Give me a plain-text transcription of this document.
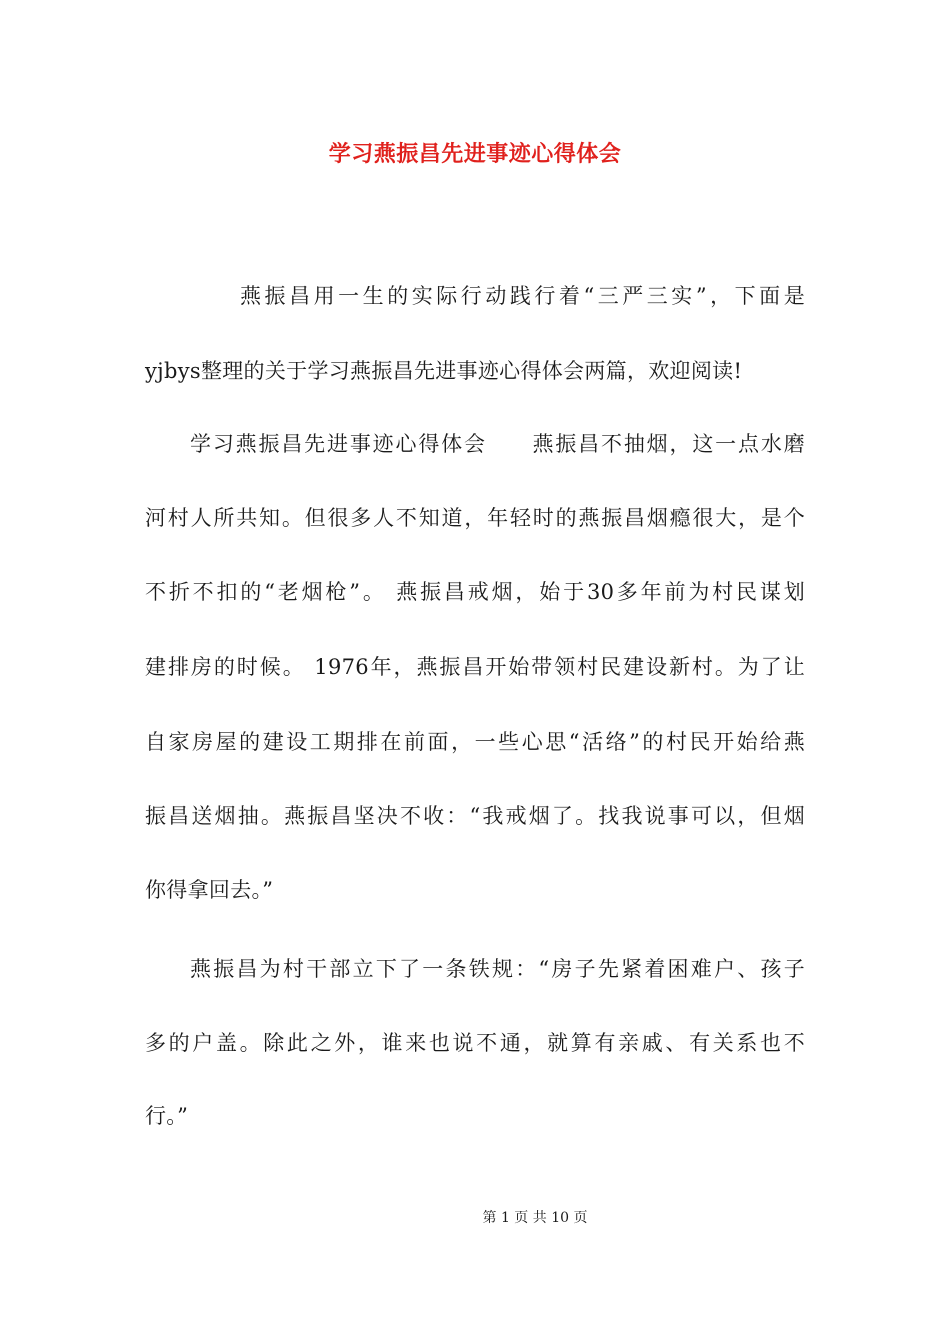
学习燕振昌先进事迹心得体会
燕振昌用一生的实际行动践行着“三严三实”，下面是
yjbys整理的关于学习燕振昌先进事迹心得体会两篇，欢迎阅读!
学习燕振昌先进事迹心得体会　　燕振昌不抽烟，这一点水磨
河村人所共知。但很多人不知道，年轻时的燕振昌烟瘾很大，是个
不折不扣的“老烟枪”。 燕振昌戒烟，始于30多年前为村民谋划
建排房的时候。 1976年，燕振昌开始带领村民建设新村。为了让
自家房屋的建设工期排在前面，一些心思“活络”的村民开始给燕
振昌送烟抽。燕振昌坚决不收：“我戒烟了。找我说事可以，但烟
你得拿回去。”
燕振昌为村干部立下了一条铁规：“房子先紧着困难户、孩子
多的户盖。除此之外，谁来也说不通，就算有亲戚、有关系也不
行。”
第 1 页 共 10 页
